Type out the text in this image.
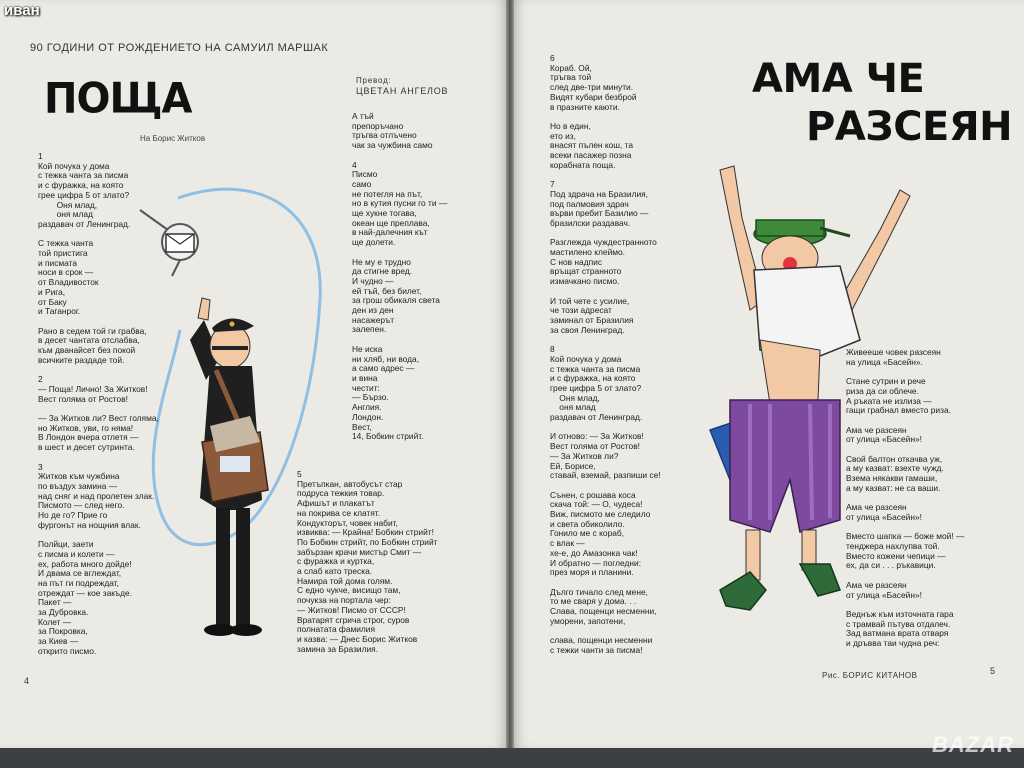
90 ГОДИНИ ОТ РОЖДЕНИЕТО НА САМУИЛ МАРШАК
Превод:
ЦВЕТАН АНГЕЛОВ
ПОЩА
На Борис Житков
1
Кой почука у дома
с тежка чанта за писма
и с фуражка, на която
грее цифра 5 от злато?
Оня млад,
оня млад
раздавач от Ленинград.

С тежка чанта
той пристига
и писмата
носи в срок —
от Владивосток
и Рига,
от Баку
и Таганрог.

Рано в седем той ги грабва,
в десет чантата отслабва,
към дванайсет без покой
всичките раздаде той.

2
— Поща! Лично! За Житков!
Вест голяма от Ростов!

— За Житков ли? Вест голяма,
но Житков, уви, го няма!
В Лондон вчера отлетя —
в шест и десет сутринта.

3
Житков към чужбина
по въздух замина —
над сняг и над пролетен злак.
Писмото — след него.
Но де го? Прие го
фургонът на нощния влак.

Полйци, заети
с писма и колети —
ех, работа много дойде!
И двама се вглеждат,
на път ги подреждат,
отреждат — кое закъде.
Пакет —
за Дубровка.
Колет —
за Покровка,
за Киев —
открито писмо.
А тъй
препоръчано
тръгва отлъчено
чак за чужбина само

4
Писмо
само
не потегля на път,
но в кутия пусни го ти —
ще хукне тогава,
океан ще преплава,
в най-далечния кът
ще долети.

Не му е трудно
да стигне вред.
И чудно —
ей тъй, без билет,
за грош обикаля света
ден из ден
насажерът
залепен.

Не иска
ни хляб, ни вода,
а само адрес —
и вина
честит:
— Бързо.
Англия.
Лондон.
Вест,
14, Бобкин стрийт.
5
Претъпкан, автобусът стар
подруса тежкия товар.
Афишът и плакатът
на покрива се клатят.
Кондукторът, човек набит,
извиква: — Крайна! Бобкин стрийт!
По Бобкин стрийт, по Бобкин стрийт
забързан крачи мистър Смит —
с фуражка и куртка,
а слаб като треска.
Намира той дома голям.
С едно чукче, висищо там,
почукза на портала чер:
— Житков! Писмо от СССР!
Вратарят сгрича строг, суров
полнатата фамилия
и казва: — Днес Борис Житков
замина за Бразилия.
4
6
Кораб. Ой,
тръгва той
след две-три минути.
Видят кубари безброй
в празните каюти.

Но в един,
ето из,
внасят пълен кош, та
всеки пасажер позна
корабната поща.

7
Под здрача на Бразилия,
под палмовия здрач
върви пребит Базилио —
бразилски раздавач.

Разглежда чуждестранното
мастилено клеймо.
С нов надпис
връщат странното
измачкано писмо.

И той чете с усилие,
че този адресат
заминал от Бразилия
за своя Ленинград.

8
Кой почука у дома
с тежка чанта за писма
и с фуражка, на която
грее цифра 5 от злато?
Оня млад,
оня млад
раздавач от Ленинград.

И отново: — За Житков!
Вест голяма от Ростов!
— За Житков ли?
Ей, Борисе,
ставай, вземай, разпиши се!

Сънен, с рошава коса
скача той: — О, чудеса!
Виж, писмото ме следило
и света обиколило.
Гонило ме с кораб,
с влак —
хе-е, до Амазонка чак!
И обратно — погледни:
през моря и планини.

Дълго тичало след мене,
то ме сваря у дома. . .
Слава, пощенци несменни,
уморени, запотени,

слава, пощенци несменни
с тежки чанти за писма!
АМА ЧЕ
РАЗСЕЯН
Живееше човек разсеян
на улица «Басейн».

Стане сутрин и рече
риза да си облече.
А ръката не излиза —
гащи грабнал вместо риза.

Ама че разсеян
от улица «Басейн»!

Свой балтон откачва уж,
а му казват: взехте чужд.
Взема някакви гамаши,
а му казват: не са ваши.

Ама че разсеян
от улица «Басейн»!

Вместо шапка — боже мой! —
тенджера нахлупва той.
Вместо кожени чепици —
ех, да си . . . ръкавици.

Ама че разсеян
от улица «Басейн»!

Веднъж към източната гара
с трамвай пътува отдалеч.
Зад ватмана врата отваря
и дръвва таи чудна реч:
Рис. БОРИС КИТАНОВ	5
иван
BAZAR
